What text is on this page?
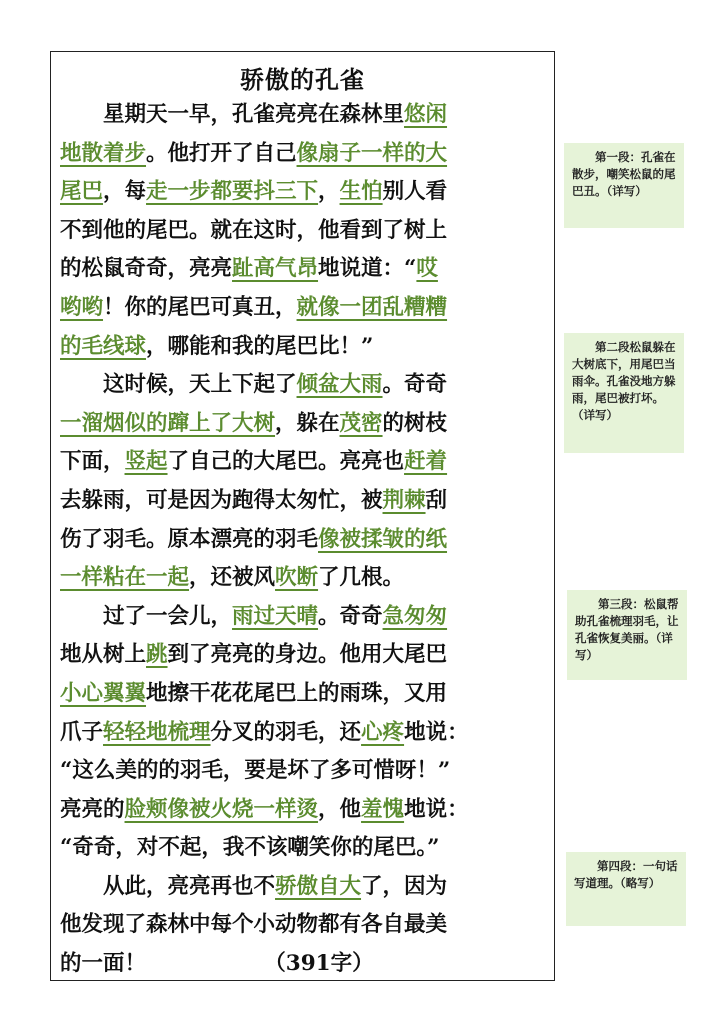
骄傲的孔雀
　　星期天一早，孔雀亮亮在森林里悠闲
地散着步。他打开了自己像扇子一样的大
尾巴，每走一步都要抖三下，生怕别人看
不到他的尾巴。就在这时，他看到了树上
的松鼠奇奇，亮亮趾高气昂地说道：“哎
哟哟！你的尾巴可真丑，就像一团乱糟糟
的毛线球，哪能和我的尾巴比！”
　　这时候，天上下起了倾盆大雨。奇奇
一溜烟似的蹿上了大树，躲在茂密的树枝
下面，竖起了自己的大尾巴。亮亮也赶着
去躲雨，可是因为跑得太匆忙，被荆棘刮
伤了羽毛。原本漂亮的羽毛像被揉皱的纸
一样粘在一起，还被风吹断了几根。
　　过了一会儿，雨过天晴。奇奇急匆匆
地从树上跳到了亮亮的身边。他用大尾巴
小心翼翼地擦干花花尾巴上的雨珠，又用
爪子轻轻地梳理分叉的羽毛，还心疼地说：
“这么美的的羽毛，要是坏了多可惜呀！”
亮亮的脸颊像被火烧一样烫，他羞愧地说：
“奇奇，对不起，我不该嘲笑你的尾巴。”
　　从此，亮亮再也不骄傲自大了，因为
他发现了森林中每个小动物都有各自最美
的一面！　　　　　　（391字）
第一段：孔雀在散步，嘲笑松鼠的尾巴丑。（详写）
第二段松鼠躲在大树底下，用尾巴当雨伞。孔雀没地方躲雨，尾巴被打坏。（详写）
第三段：松鼠帮助孔雀梳理羽毛，让孔雀恢复美丽。（详写）
第四段：一句话写道理。（略写）
